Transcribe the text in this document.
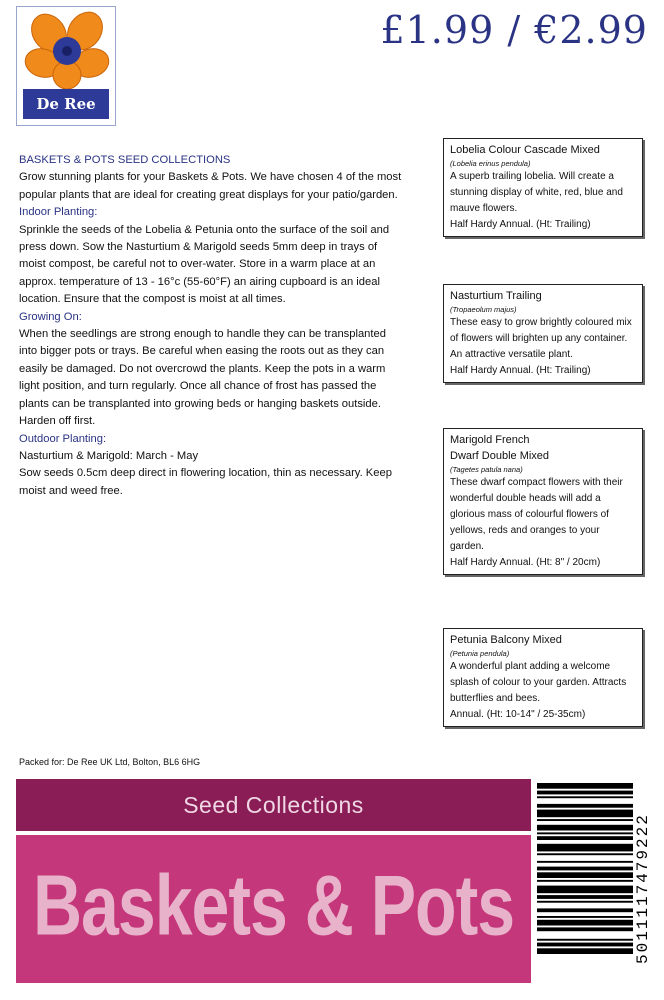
De Ree
£1.99 / €2.99

BASKETS & POTS SEED COLLECTIONS

Grow stunning plants for your Baskets & Pots. We have chosen 4 of the most popular plants that are ideal for creating great displays for your patio/garden.

Indoor Planting:

Sprinkle the seeds of the Lobelia & Petunia onto the surface of the soil and press down. Sow the Nasturtium & Marigold seeds 5mm deep in trays of moist compost, be careful not to over-water. Store in a warm place at an approx. temperature of 13 - 16°c (55-60°F) an airing cupboard is an ideal location. Ensure that the compost is moist at all times.

Growing On:

When the seedlings are strong enough to handle they can be transplanted into bigger pots or trays. Be careful when easing the roots out as they can easily be damaged. Do not overcrowd the plants. Keep the pots in a warm light position, and turn regularly. Once all chance of frost has passed the plants can be transplanted into growing beds or hanging baskets outside. Harden off first.

Outdoor Planting:

Nasturtium & Marigold: March - May

Sow seeds 0.5cm deep direct in flowering location, thin as necessary. Keep moist and weed free.

Lobelia Colour Cascade Mixed
(Lobelia erinus pendula)
A superb trailing lobelia. Will create a stunning display of white, red, blue and mauve flowers.
Half Hardy Annual. (Ht: Trailing)
Nasturtium Trailing
(Tropaeolum majus)
These easy to grow brightly coloured mix of flowers will brighten up any container. An attractive versatile plant.
Half Hardy Annual. (Ht: Trailing)
Marigold French
Dwarf Double Mixed
(Tagetes patula nana)
These dwarf compact flowers with their wonderful double heads will add a glorious mass of colourful flowers of yellows, reds and oranges to your garden.
Half Hardy Annual. (Ht: 8" / 20cm)
Petunia Balcony Mixed
(Petunia pendula)
A wonderful plant adding a welcome splash of colour to your garden. Attracts butterflies and bees.
Annual. (Ht: 10-14" / 25-35cm)
Packed for: De Ree UK Ltd, Bolton, BL6 6HG
Seed Collections
Baskets & Pots	5011117479222
